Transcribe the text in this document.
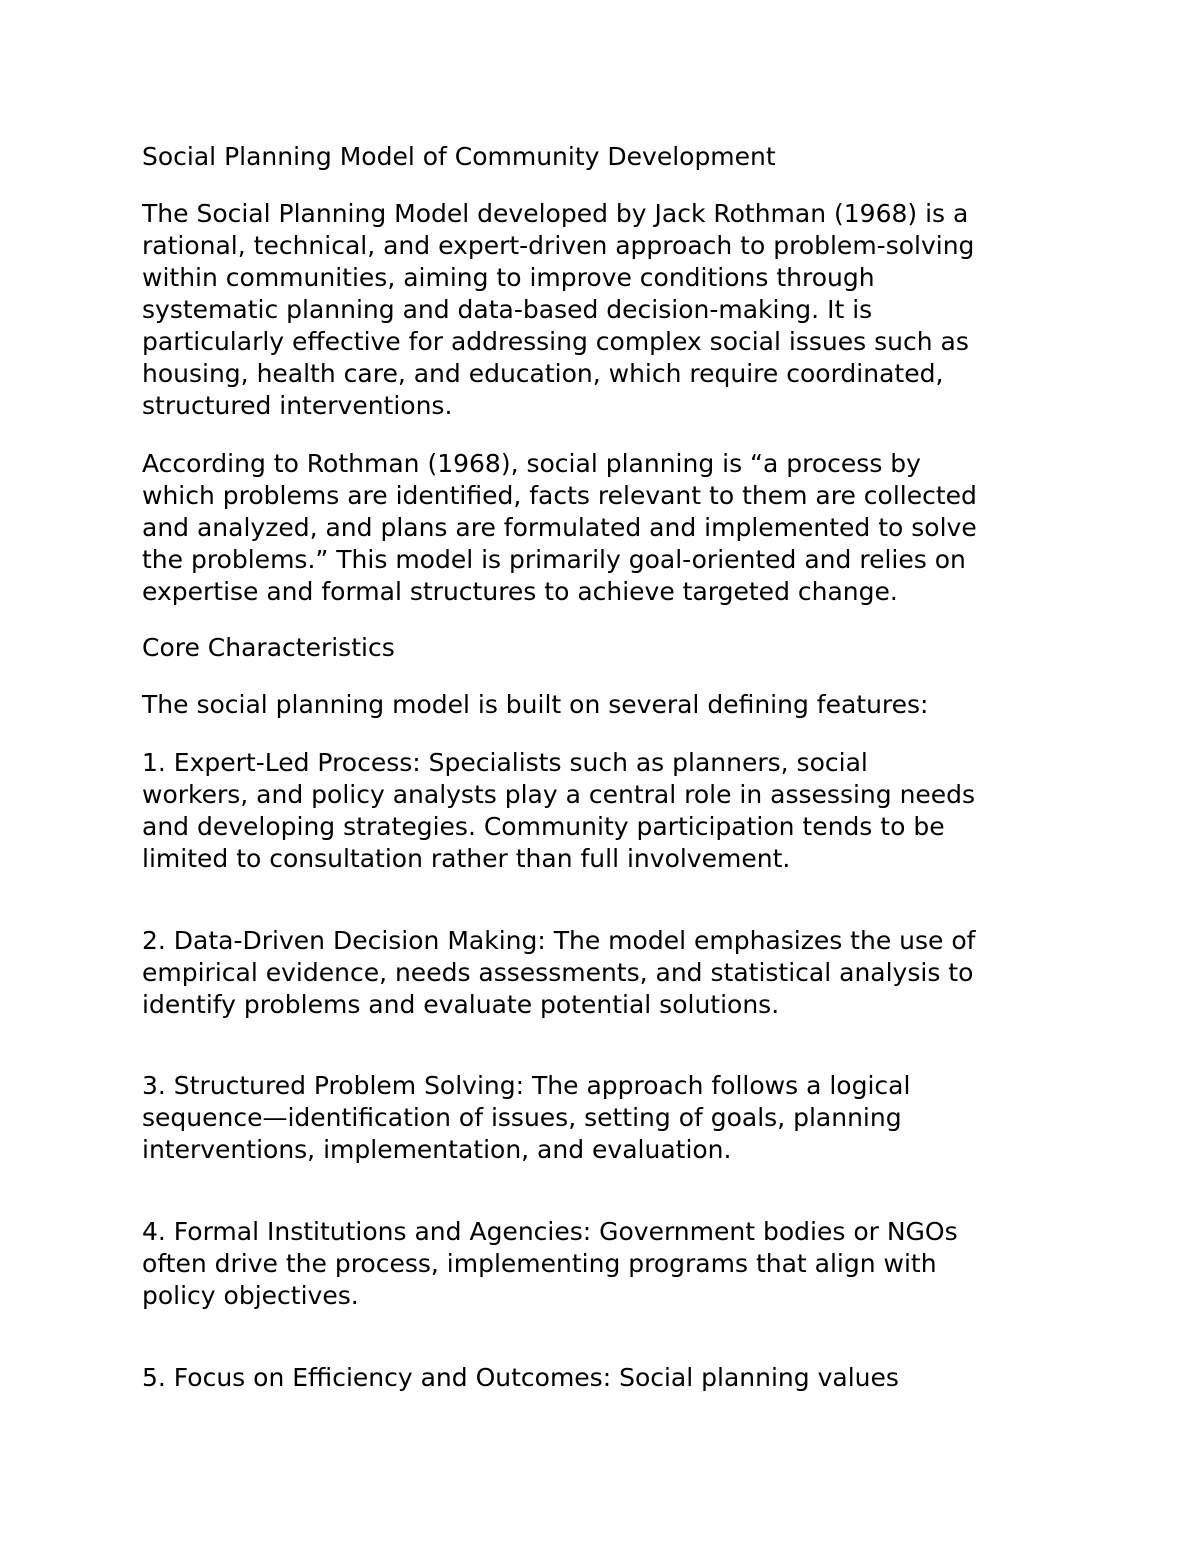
Social Planning Model of Community Development

The Social Planning Model developed by Jack Rothman (1968) is a
rational, technical, and expert-driven approach to problem-solving
within communities, aiming to improve conditions through
systematic planning and data-based decision-making. It is
particularly effective for addressing complex social issues such as
housing, health care, and education, which require coordinated,
structured interventions.

According to Rothman (1968), social planning is “a process by
which problems are identified, facts relevant to them are collected
and analyzed, and plans are formulated and implemented to solve
the problems.” This model is primarily goal-oriented and relies on
expertise and formal structures to achieve targeted change.

Core Characteristics

The social planning model is built on several defining features:

1. Expert-Led Process: Specialists such as planners, social
workers, and policy analysts play a central role in assessing needs
and developing strategies. Community participation tends to be
limited to consultation rather than full involvement.

2. Data-Driven Decision Making: The model emphasizes the use of
empirical evidence, needs assessments, and statistical analysis to
identify problems and evaluate potential solutions.

3. Structured Problem Solving: The approach follows a logical
sequence—identification of issues, setting of goals, planning
interventions, implementation, and evaluation.

4. Formal Institutions and Agencies: Government bodies or NGOs
often drive the process, implementing programs that align with
policy objectives.

5. Focus on Efficiency and Outcomes: Social planning values
